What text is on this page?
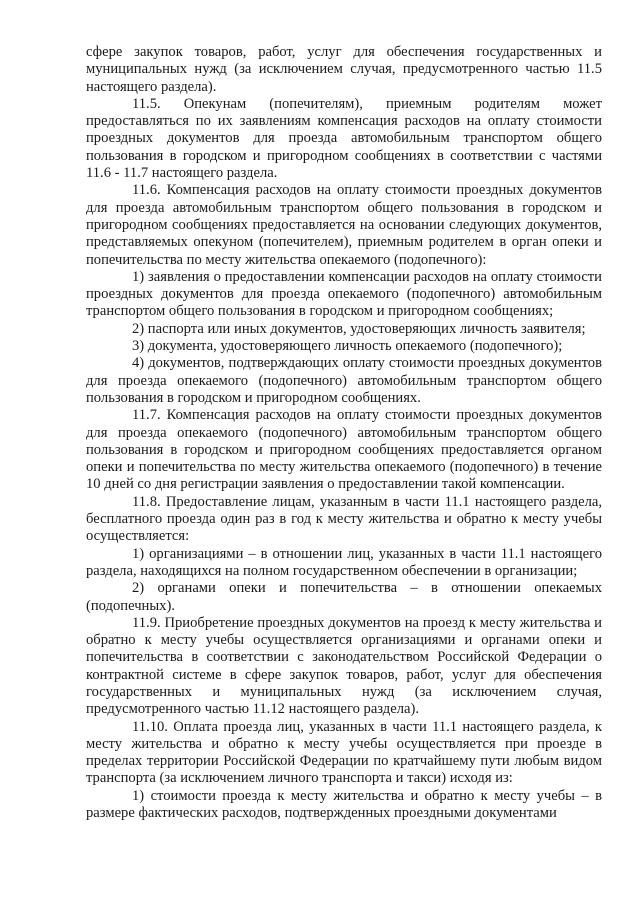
сфере закупок товаров, работ, услуг для обеспечения государственных и муниципальных нужд (за исключением случая, предусмотренного частью 11.5 настоящего раздела).

11.5. Опекунам (попечителям), приемным родителям может предоставляться по их заявлениям компенсация расходов на оплату стоимости проездных документов для проезда автомобильным транспортом общего пользования в городском и пригородном сообщениях в соответствии с частями 11.6 - 11.7 настоящего раздела.

11.6. Компенсация расходов на оплату стоимости проездных документов для проезда автомобильным транспортом общего пользования в городском и пригородном сообщениях предоставляется на основании следующих документов, представляемых опекуном (попечителем), приемным родителем в орган опеки и попечительства по месту жительства опекаемого (подопечного):

1) заявления о предоставлении компенсации расходов на оплату стоимости проездных документов для проезда опекаемого (подопечного) автомобильным транспортом общего пользования в городском и пригородном сообщениях;

2) паспорта или иных документов, удостоверяющих личность заявителя;

3) документа, удостоверяющего личность опекаемого (подопечного);

4) документов, подтверждающих оплату стоимости проездных документов для проезда опекаемого (подопечного) автомобильным транспортом общего пользования в городском и пригородном сообщениях.

11.7. Компенсация расходов на оплату стоимости проездных документов для проезда опекаемого (подопечного) автомобильным транспортом общего пользования в городском и пригородном сообщениях предоставляется органом опеки и попечительства по месту жительства опекаемого (подопечного) в течение 10 дней со дня регистрации заявления о предоставлении такой компенсации.

11.8. Предоставление лицам, указанным в части 11.1 настоящего раздела, бесплатного проезда один раз в год к месту жительства и обратно к месту учебы осуществляется:

1) организациями – в отношении лиц, указанных в части 11.1 настоящего раздела, находящихся на полном государственном обеспечении в организации;

2) органами опеки и попечительства – в отношении опекаемых (подопечных).

11.9. Приобретение проездных документов на проезд к месту жительства и обратно к месту учебы осуществляется организациями и органами опеки и попечительства в соответствии с законодательством Российской Федерации о контрактной системе в сфере закупок товаров, работ, услуг для обеспечения государственных и муниципальных нужд (за исключением случая, предусмотренного частью 11.12 настоящего раздела).

11.10. Оплата проезда лиц, указанных в части 11.1 настоящего раздела, к месту жительства и обратно к месту учебы осуществляется при проезде в пределах территории Российской Федерации по кратчайшему пути любым видом транспорта (за исключением личного транспорта и такси) исходя из:

1) стоимости проезда к месту жительства и обратно к месту учебы – в размере фактических расходов, подтвержденных проездными документами
